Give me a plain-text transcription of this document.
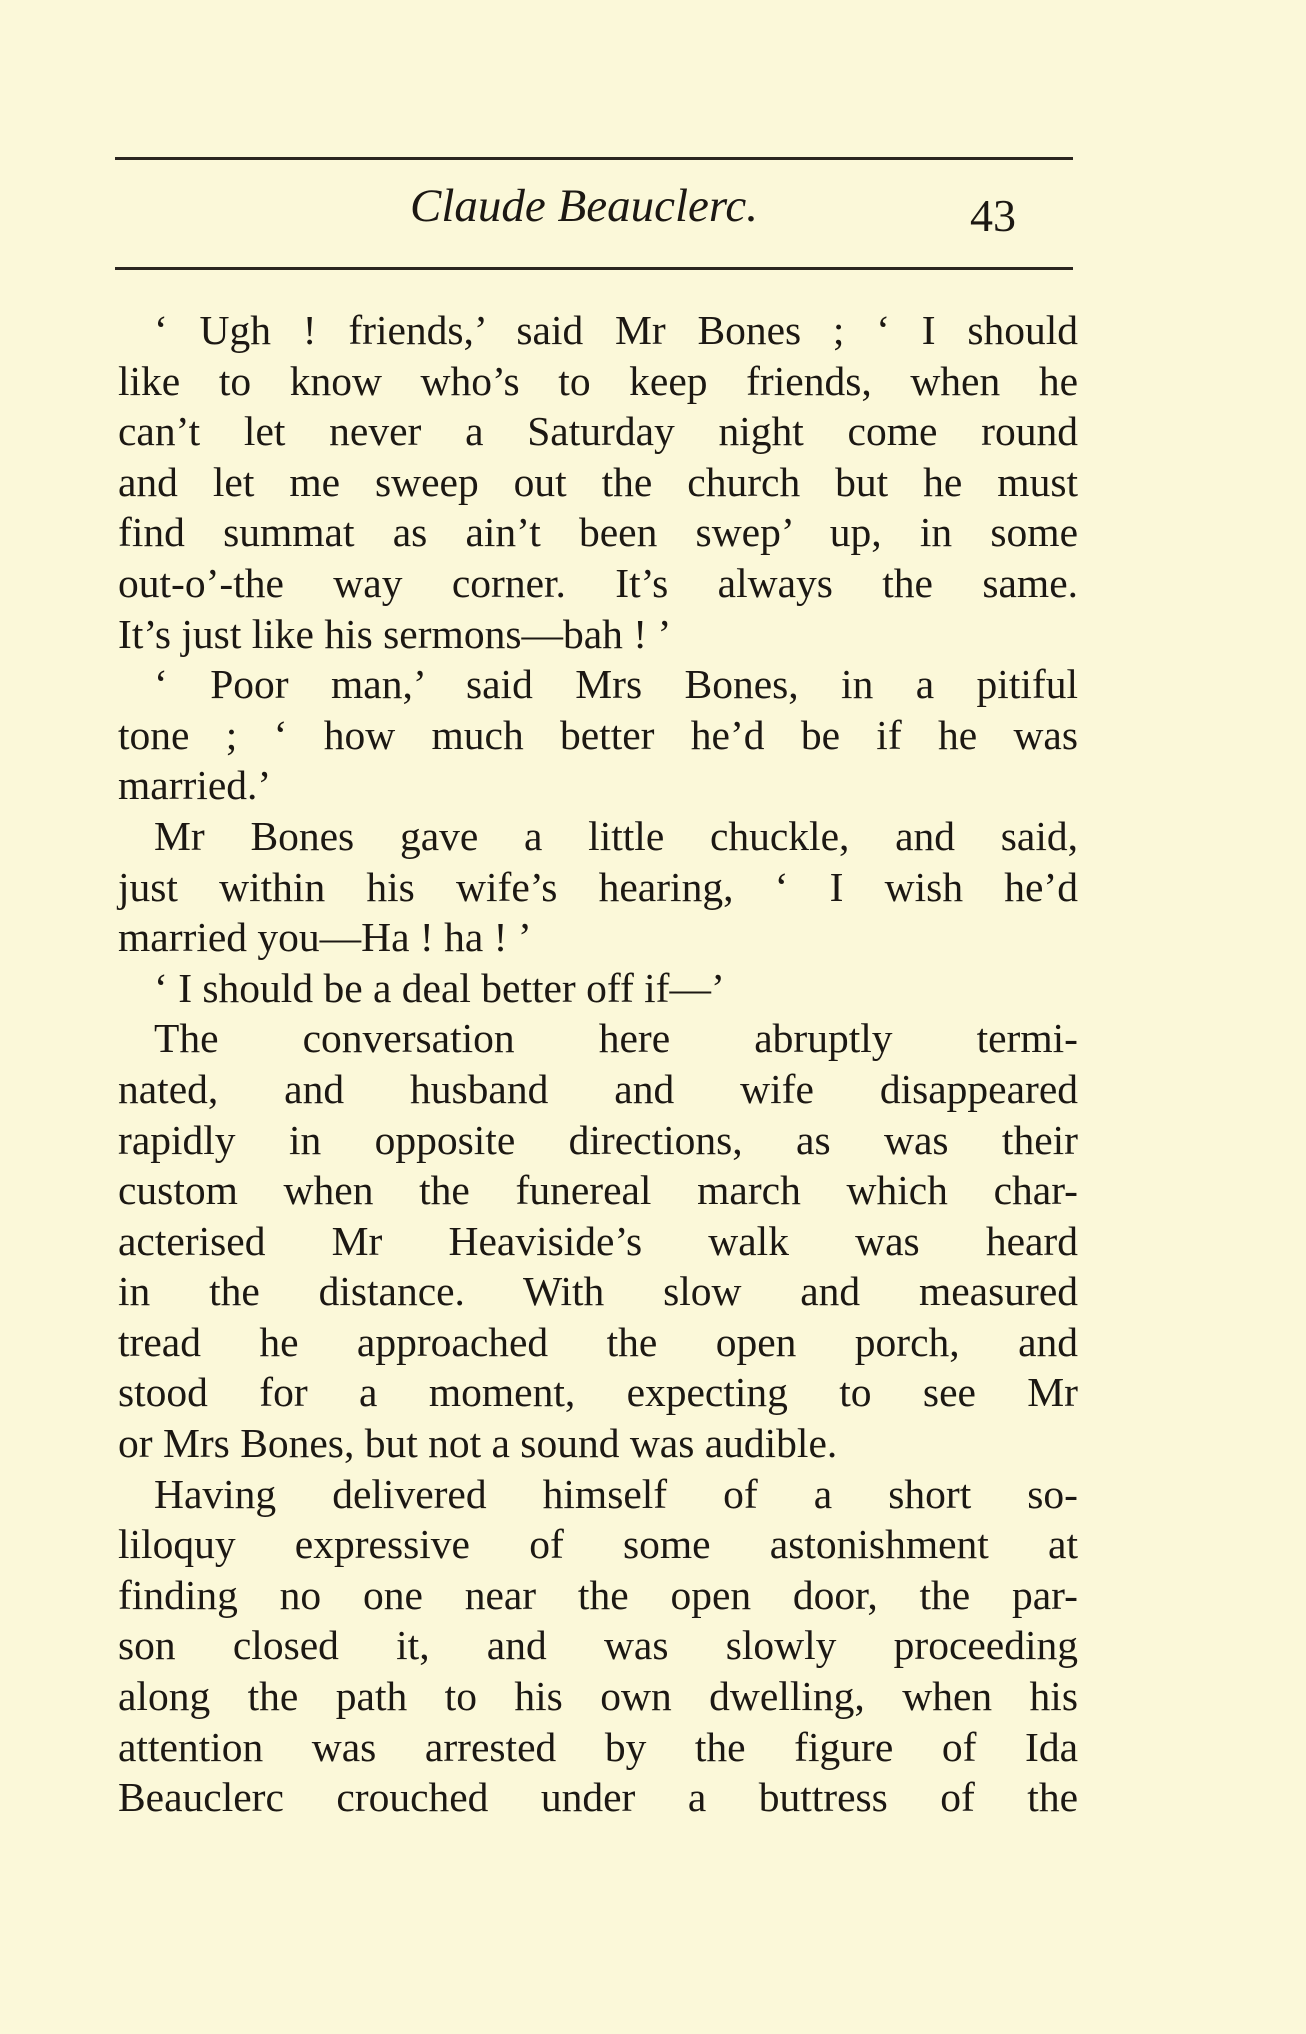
Claude Beauclerc.	43
‘ Ugh ! friends,’ said Mr Bones ; ‘ I should
like to know who’s to keep friends, when he
can’t let never a Saturday night come round
and let me sweep out the church but he must
find summat as ain’t been swep’ up, in some
out-o’-the way corner. It’s always the same.
It’s just like his sermons—bah ! ’
‘ Poor man,’ said Mrs Bones, in a pitiful
tone ; ‘ how much better he’d be if he was
married.’
Mr Bones gave a little chuckle, and said,
just within his wife’s hearing, ‘ I wish he’d
married you—Ha ! ha ! ’
‘ I should be a deal better off if—’
The conversation here abruptly termi-
nated, and husband and wife disappeared
rapidly in opposite directions, as was their
custom when the funereal march which char-
acterised Mr Heaviside’s walk was heard
in the distance. With slow and measured
tread he approached the open porch, and
stood for a moment, expecting to see Mr
or Mrs Bones, but not a sound was audible.
Having delivered himself of a short so-
liloquy expressive of some astonishment at
finding no one near the open door, the par-
son closed it, and was slowly proceeding
along the path to his own dwelling, when his
attention was arrested by the figure of Ida
Beauclerc crouched under a buttress of the
